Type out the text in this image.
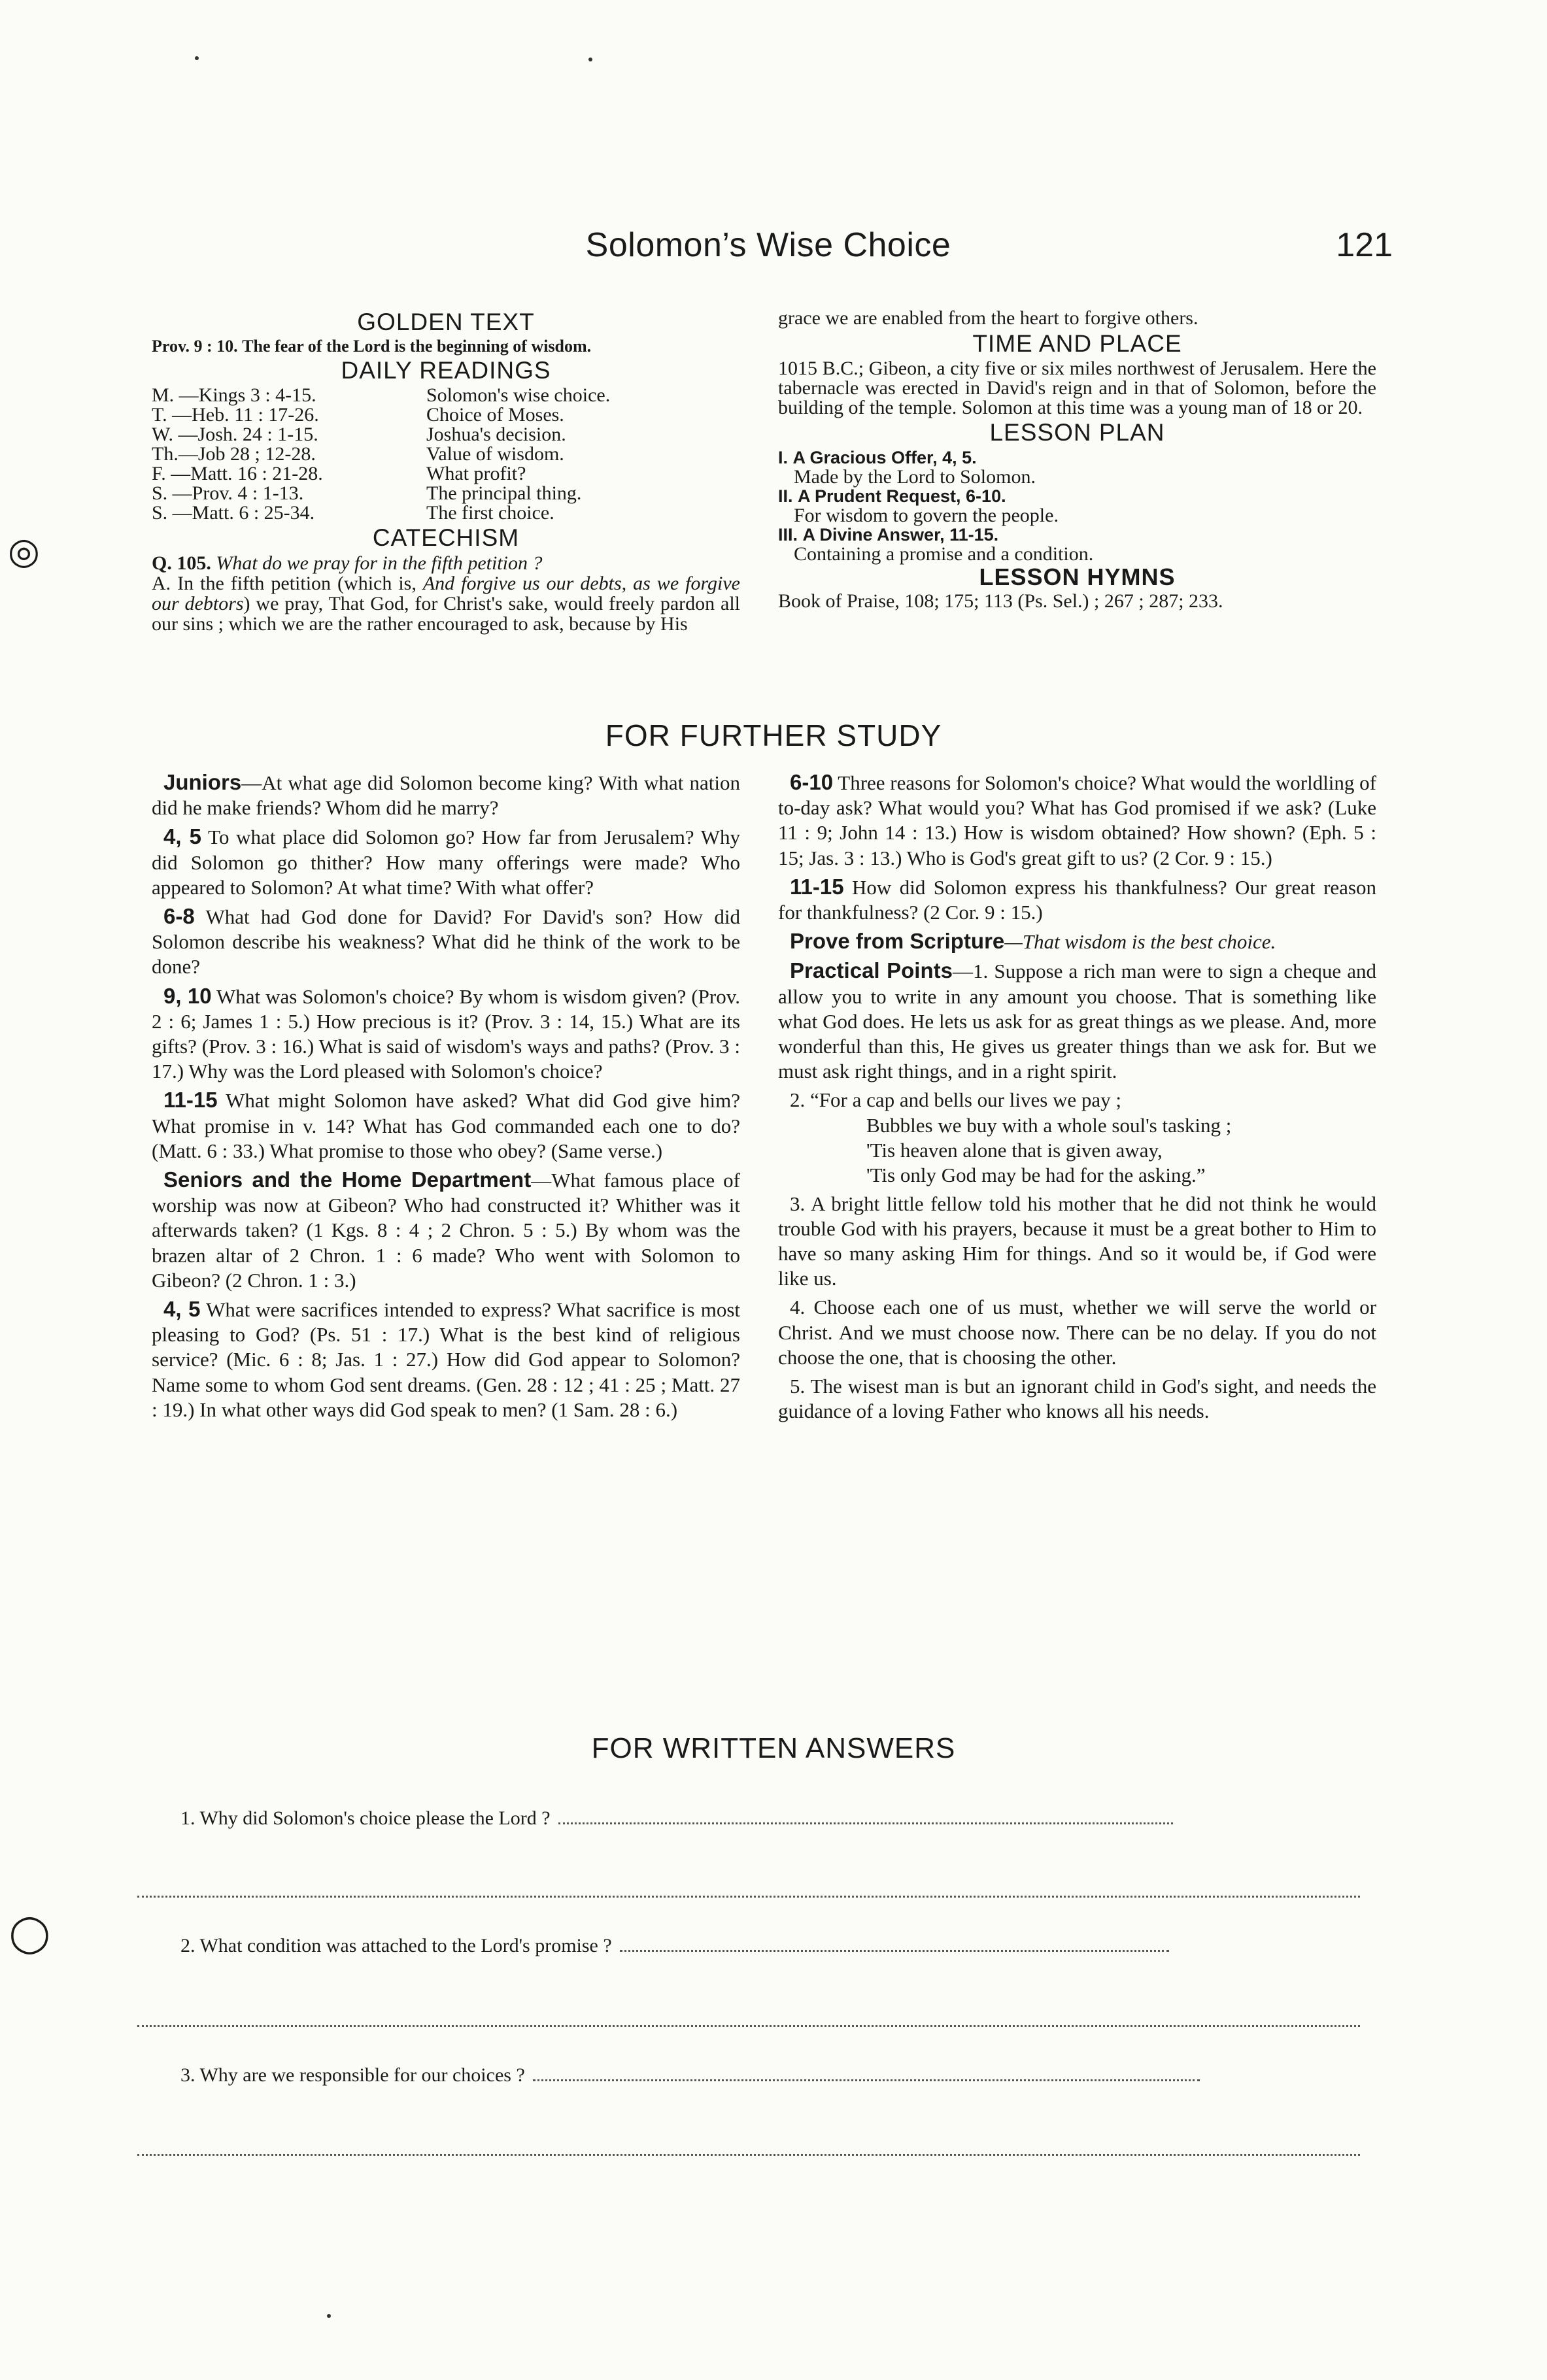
Solomon’s Wise Choice	121
GOLDEN TEXT
Prov. 9 : 10. The fear of the Lord is the beginning of wisdom.
DAILY READINGS
M. —Kings 3 : 4-15.	Solomon's wise choice.
T. —Heb. 11 : 17-26.	Choice of Moses.
W. —Josh. 24 : 1-15.	Joshua's decision.
Th.—Job 28 ; 12-28.	Value of wisdom.
F. —Matt. 16 : 21-28.	What profit?
S. —Prov. 4 : 1-13.	The principal thing.
S. —Matt. 6 : 25-34.	The first choice.
CATECHISM
Q. 105. What do we pray for in the fifth petition ?
A. In the fifth petition (which is, And forgive us our debts, as we forgive our debtors) we pray, That God, for Christ's sake, would freely pardon all our sins ; which we are the rather encouraged to ask, because by His
grace we are enabled from the heart to forgive others.
TIME AND PLACE
1015 B.C.; Gibeon, a city five or six miles northwest of Jerusalem. Here the tabernacle was erected in David's reign and in that of Solomon, before the building of the temple. Solomon at this time was a young man of 18 or 20.
LESSON PLAN
I. A Gracious Offer, 4, 5.
Made by the Lord to Solomon.
II. A Prudent Request, 6-10.
For wisdom to govern the people.
III. A Divine Answer, 11-15.
Containing a promise and a condition.
LESSON HYMNS
Book of Praise, 108; 175; 113 (Ps. Sel.) ; 267 ; 287; 233.
FOR FURTHER STUDY

Juniors—At what age did Solomon become king? With what nation did he make friends? Whom did he marry?

4, 5 To what place did Solomon go? How far from Jerusalem? Why did Solomon go thither? How many offerings were made? Who appeared to Solomon? At what time? With what offer?

6-8 What had God done for David? For David's son? How did Solomon describe his weakness? What did he think of the work to be done?

9, 10 What was Solomon's choice? By whom is wisdom given? (Prov. 2 : 6; James 1 : 5.) How precious is it? (Prov. 3 : 14, 15.) What are its gifts? (Prov. 3 : 16.) What is said of wisdom's ways and paths? (Prov. 3 : 17.) Why was the Lord pleased with Solomon's choice?

11-15 What might Solomon have asked? What did God give him? What promise in v. 14? What has God commanded each one to do? (Matt. 6 : 33.) What promise to those who obey? (Same verse.)

Seniors and the Home Department—What famous place of worship was now at Gibeon? Who had constructed it? Whither was it afterwards taken? (1 Kgs. 8 : 4 ; 2 Chron. 5 : 5.) By whom was the brazen altar of 2 Chron. 1 : 6 made? Who went with Solomon to Gibeon? (2 Chron. 1 : 3.)

4, 5 What were sacrifices intended to express? What sacrifice is most pleasing to God? (Ps. 51 : 17.) What is the best kind of religious service? (Mic. 6 : 8; Jas. 1 : 27.) How did God appear to Solomon? Name some to whom God sent dreams. (Gen. 28 : 12 ; 41 : 25 ; Matt. 27 : 19.) In what other ways did God speak to men? (1 Sam. 28 : 6.)

6-10 Three reasons for Solomon's choice? What would the worldling of to-day ask? What would you? What has God promised if we ask? (Luke 11 : 9; John 14 : 13.) How is wisdom obtained? How shown? (Eph. 5 : 15; Jas. 3 : 13.) Who is God's great gift to us? (2 Cor. 9 : 15.)

11-15 How did Solomon express his thankfulness? Our great reason for thankfulness? (2 Cor. 9 : 15.)

Prove from Scripture—That wisdom is the best choice.

Practical Points—1. Suppose a rich man were to sign a cheque and allow you to write in any amount you choose. That is something like what God does. He lets us ask for as great things as we please. And, more wonderful than this, He gives us greater things than we ask for. But we must ask right things, and in a right spirit.

2. “For a cap and bells our lives we pay ;

Bubbles we buy with a whole soul's tasking ;
'Tis heaven alone that is given away,
'Tis only God may be had for the asking.”

3. A bright little fellow told his mother that he did not think he would trouble God with his prayers, because it must be a great bother to Him to have so many asking Him for things. And so it would be, if God were like us.

4. Choose each one of us must, whether we will serve the world or Christ. And we must choose now. There can be no delay. If you do not choose the one, that is choosing the other.

5. The wisest man is but an ignorant child in God's sight, and needs the guidance of a loving Father who knows all his needs.

FOR WRITTEN ANSWERS
1. Why did Solomon's choice please the Lord ?
2. What condition was attached to the Lord's promise ?
3. Why are we responsible for our choices ?
◎
◯
